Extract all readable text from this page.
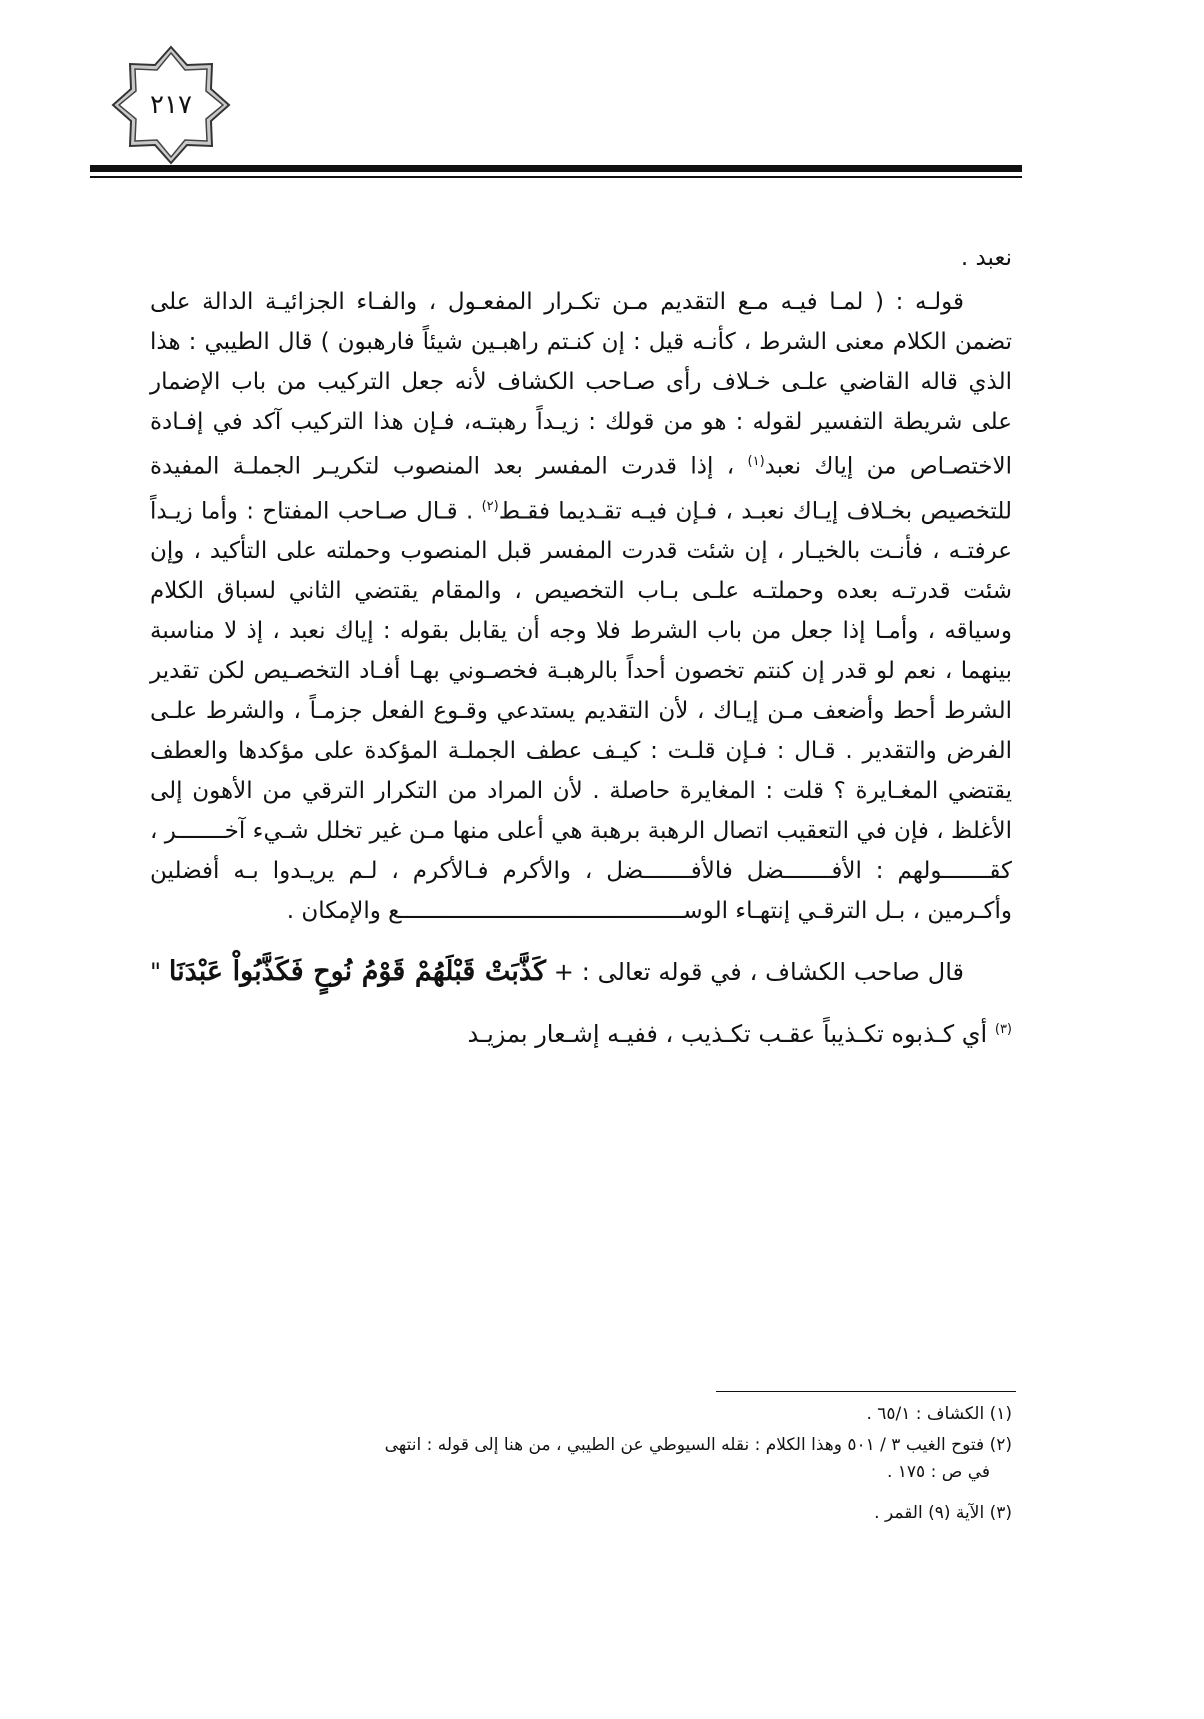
٢١٧

نعبد .

قولـه : ( لمـا فيـه مـع التقديم مـن تكـرار المفعـول ، والفـاء الجزائيـة الدالة على تضمن الكلام معنى الشرط ، كأنـه قيل : إن كنـتم راهبـين شيئاً فارهبون ) قال الطيبي : هذا الذي قاله القاضي علـى خـلاف رأى صـاحب الكشاف لأنه جعل التركيب من باب الإضمار على شريطة التفسير لقوله : هو من قولك : زيـداً رهبتـه، فـإن هذا التركيب آكد في إفـادة الاختصـاص من إياك نعبد$^{(١)}$ ، إذا قدرت المفسر بعد المنصوب لتكريـر الجملـة المفيدة للتخصيص بخـلاف إيـاك نعبـد ، فـإن فيـه تقـديما فقـط$^{(٢)}$ . قـال صـاحب المفتاح : وأما زيـداً عرفتـه ، فأنـت بالخيـار ، إن شئت قدرت المفسر قبل المنصوب وحملته على التأكيد ، وإن شئت قدرتـه بعده وحملتـه علـى بـاب التخصيص ، والمقام يقتضي الثاني لسباق الكلام وسياقه ، وأمـا إذا جعل من باب الشرط فلا وجه أن يقابل بقوله : إياك نعبد ، إذ لا مناسبة بينهما ، نعم لو قدر إن كنتم تخصون أحداً بالرهبـة فخصـوني بهـا أفـاد التخصـيص لكن تقدير الشرط أحط وأضعف مـن إيـاك ، لأن التقديم يستدعي وقـوع الفعل جزمـاً ، والشرط علـى الفرض والتقدير . قـال : فـإن قلـت : كيـف عطف الجملـة المؤكدة على مؤكدها والعطف يقتضي المغـايرة ؟ قلت : المغايرة حاصلة . لأن المراد من التكرار الترقي من الأهون إلى الأغلظ ، فإن في التعقيب اتصال الرهبة برهبة هي أعلى منها مـن غير تخلل شـيء آخـــــــر ، كقـــــــولهم : الأفـــــــضل فالأفـــــــضل ، والأكرم فـالأكرم ، لـم يريـدوا بـه أفضلين وأكـرمين ، بـل الترقـي إنتهـاء الوســــــــــــــــــــــــــــــــــــــــــع والإمكان .

قال صاحب الكشاف ، في قوله تعالى : + كَذَّبَتْ قَبْلَهُمْ قَوْمُ نُوحٍ فَكَذَّبُواْ عَبْدَنَا "$^{(٣)}$ أي كـذبوه تكـذيباً عقـب تكـذيب ، ففيـه إشـعار بمزيـد

(١) الكشاف : ٦٥/١ .

(٢) فتوح الغيب ٣ / ٥٠١ وهذا الكلام : نقله السيوطي عن الطيبي ، من هنا إلى قوله : انتهى

في ص : ١٧٥ .

(٣) الآية (٩) القمر .
